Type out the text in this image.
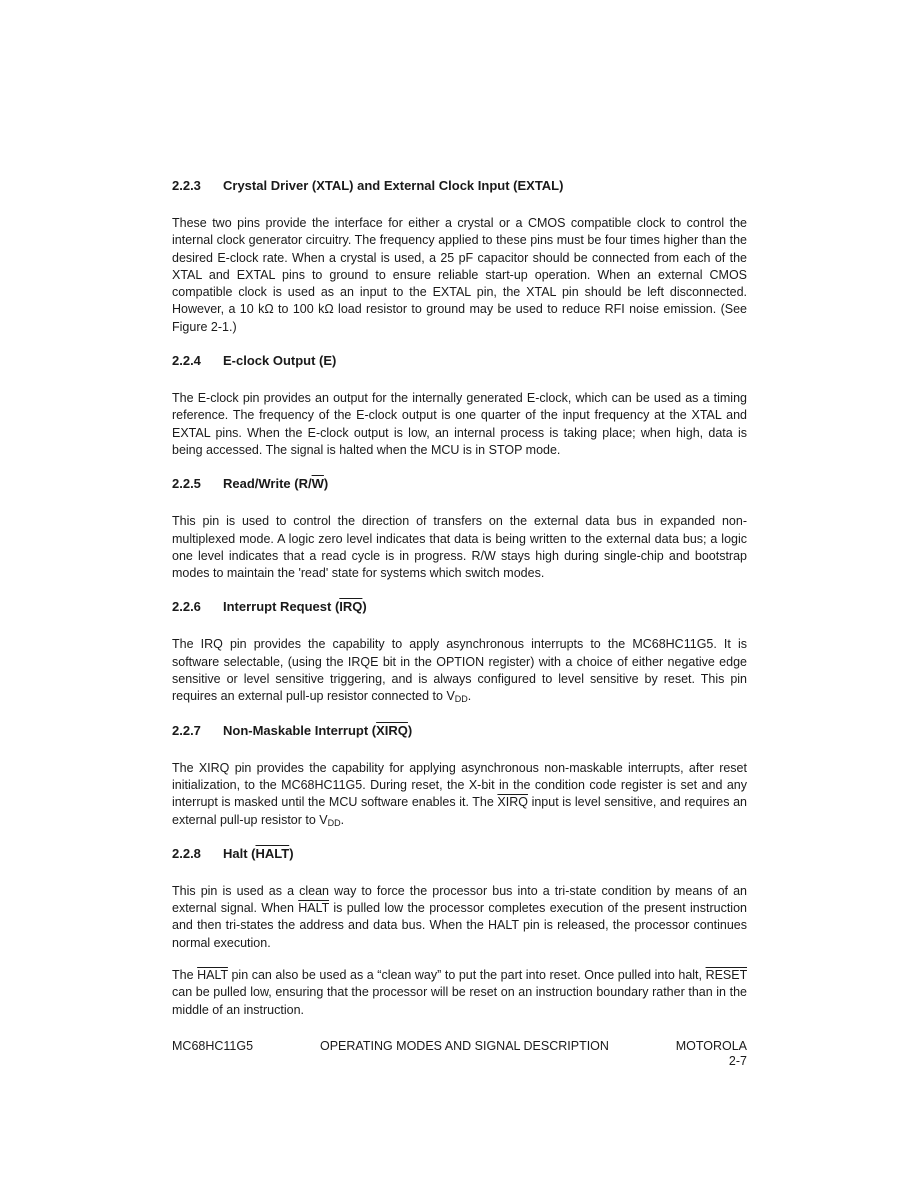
2.2.3 Crystal Driver (XTAL) and External Clock Input (EXTAL)

These two pins provide the interface for either a crystal or a CMOS compatible clock to control the internal clock generator circuitry. The frequency applied to these pins must be four times higher than the desired E-clock rate. When a crystal is used, a 25 pF capacitor should be connected from each of the XTAL and EXTAL pins to ground to ensure reliable start-up operation. When an external CMOS compatible clock is used as an input to the EXTAL pin, the XTAL pin should be left disconnected. However, a 10 kΩ to 100 kΩ load resistor to ground may be used to reduce RFI noise emission. (See Figure 2-1.)

2.2.4 E-clock Output (E)

The E-clock pin provides an output for the internally generated E-clock, which can be used as a timing reference. The frequency of the E-clock output is one quarter of the input frequency at the XTAL and EXTAL pins. When the E-clock output is low, an internal process is taking place; when high, data is being accessed. The signal is halted when the MCU is in STOP mode.

2.2.5 Read/Write $(R/\overline{W})$

This pin is used to control the direction of transfers on the external data bus in expanded non-multiplexed mode. A logic zero level indicates that data is being written to the external data bus; a logic one level indicates that a read cycle is in progress. R/W stays high during single-chip and bootstrap modes to maintain the 'read' state for systems which switch modes.

2.2.6 Interrupt Request $(\overline{IRQ})$

The IRQ pin provides the capability to apply asynchronous interrupts to the MC68HC11G5. It is software selectable, (using the IRQE bit in the OPTION register) with a choice of either negative edge sensitive or level sensitive triggering, and is always configured to level sensitive by reset. This pin requires an external pull-up resistor connected to $V_{DD}$.

2.2.7 Non-Maskable Interrupt (XIRQ)

The XIRQ pin provides the capability for applying asynchronous non-maskable interrupts, after reset initialization, to the MC68HC11G5. During reset, the X-bit in the condition code register is set and any interrupt is masked until the MCU software enables it. The XIRQ input is level sensitive, and requires an external pull-up resistor to $V_{DD}$.

2.2.8 Halt (HALT)

This pin is used as a clean way to force the processor bus into a tri-state condition by means of an external signal. When HALT is pulled low the processor completes execution of the present instruction and then tri-states the address and data bus. When the HALT pin is released, the processor continues normal execution.

The HALT pin can also be used as a “clean way” to put the part into reset. Once pulled into halt, RESET can be pulled low, ensuring that the processor will be reset on an instruction boundary rather than in the middle of an instruction.

MC68HC11G5	OPERATING MODES AND SIGNAL DESCRIPTION	MOTOROLA
2-7
